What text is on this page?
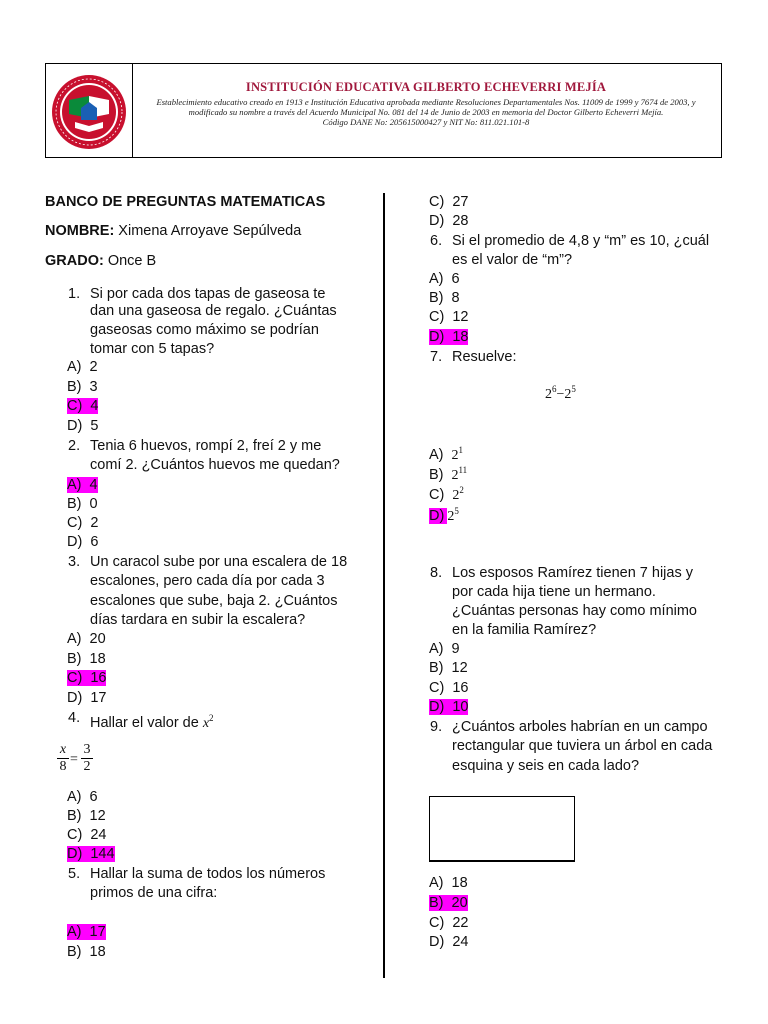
INSTITUCIÓN EDUCATIVA GILBERTO ECHEVERRI MEJÍA
Establecimiento educativo creado en 1913 e Institución Educativa aprobada mediante Resoluciones Departamentales Nos. 11009 de 1999 y 7674 de 2003, y
modificado su nombre a través del Acuerdo Municipal No. 081 del 14 de Junio de 2003 en memoria del Doctor Gilberto Echeverri Mejía.
Código DANE No: 205615000427 y NIT No: 811.021.101-8
BANCO DE PREGUNTAS MATEMATICAS
NOMBRE: Ximena Arroyave Sepúlveda
GRADO: Once B
1. Si por cada dos tapas de gaseosa te
dan una gaseosa de regalo. ¿Cuántas
gaseosas como máximo se podrían
tomar con 5 tapas?
A) 2
B) 3
C) 4
D) 5
2. Tenia 6 huevos, rompí 2, freí 2 y me
comí 2. ¿Cuántos huevos me quedan?
A) 4
B) 0
C) 2
D) 6
3. Un caracol sube por una escalera de 18
escalones, pero cada día por cada 3
escalones que sube, baja 2. ¿Cuántos
días tardara en subir la escalera?
A) 20
B) 18
C) 16
D) 17
4. Hallar el valor de $x^2$
$\frac{x}{8} = \frac{3}{2}$
A) 6
B) 12
C) 24
D) 144
5. Hallar la suma de todos los números
primos de una cifra:
A) 17
B) 18
C) 27
D) 28
6. Si el promedio de 4,8 y “m” es 10, ¿cuál
es el valor de “m”?
A) 6
B) 8
C) 12
D) 18
7. Resuelve:
$2^6-2^5$
A) $2^1$
B) $2^{11}$
C) $2^2$
D) $2^5$
8. Los esposos Ramírez tienen 7 hijas y
por cada hija tiene un hermano.
¿Cuántas personas hay como mínimo
en la familia Ramírez?
A) 9
B) 12
C) 16
D) 10
9. ¿Cuántos arboles habrían en un campo
rectangular que tuviera un árbol en cada
esquina y seis en cada lado?
A) 18
B) 20
C) 22
D) 24
